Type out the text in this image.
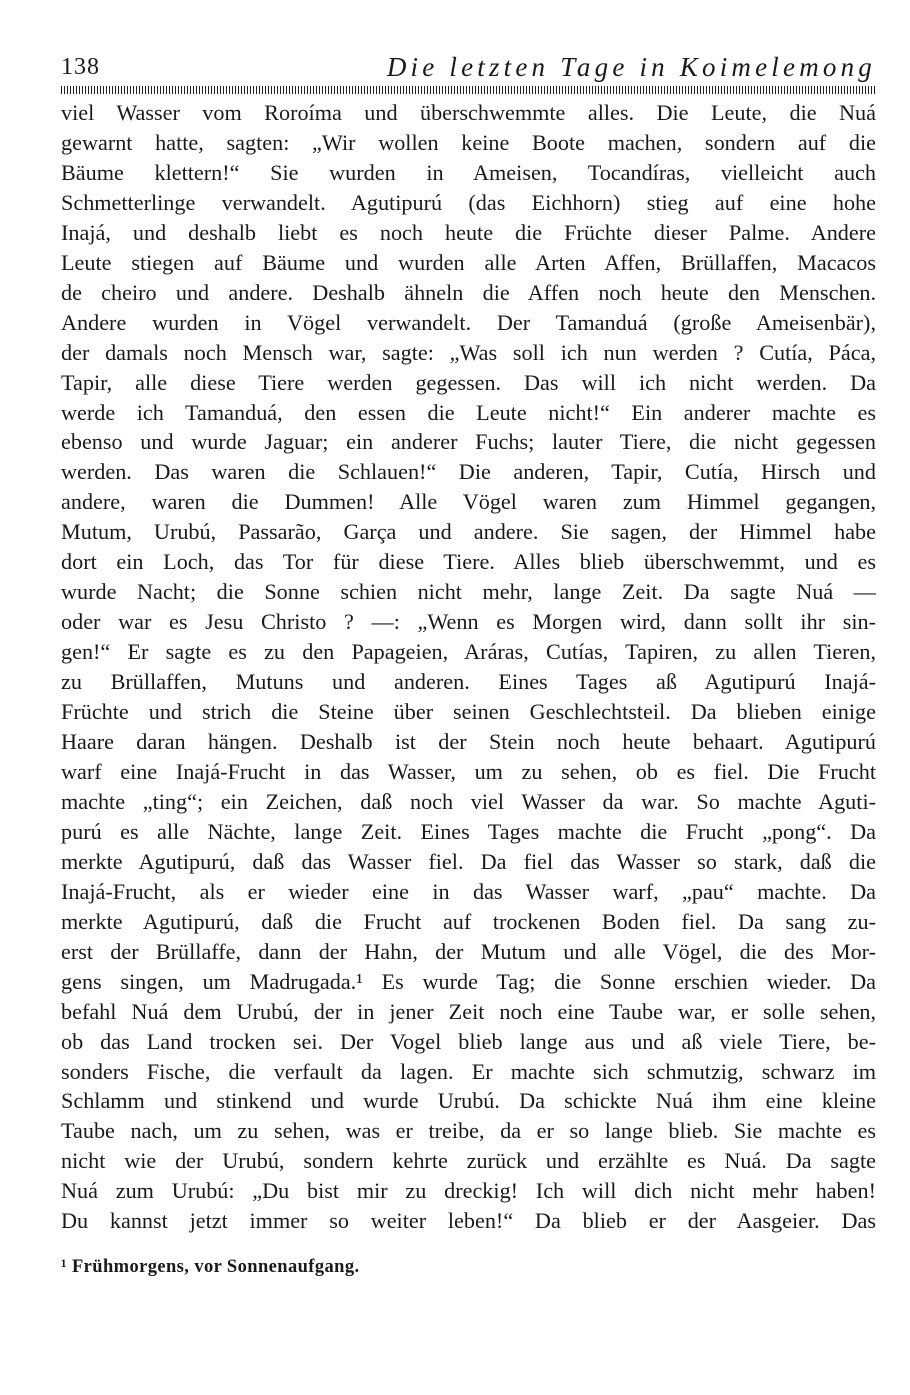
138	Die letzten Tage in Koimelemong
viel Wasser vom Roroíma und überschwemmte alles. Die Leute, die Nuá
gewarnt hatte, sagten: „Wir wollen keine Boote machen, sondern auf die
Bäume klettern!“ Sie wurden in Ameisen, Tocandíras, vielleicht auch
Schmetterlinge verwandelt. Agutipurú (das Eichhorn) stieg auf eine hohe
Inajá, und deshalb liebt es noch heute die Früchte dieser Palme. Andere
Leute stiegen auf Bäume und wurden alle Arten Affen, Brüllaffen, Macacos
de cheiro und andere. Deshalb ähneln die Affen noch heute den Menschen.
Andere wurden in Vögel verwandelt. Der Tamanduá (große Ameisenbär),
der damals noch Mensch war, sagte: „Was soll ich nun werden ? Cutía, Páca,
Tapir, alle diese Tiere werden gegessen. Das will ich nicht werden. Da
werde ich Tamanduá, den essen die Leute nicht!“ Ein anderer machte es
ebenso und wurde Jaguar; ein anderer Fuchs; lauter Tiere, die nicht gegessen
werden. Das waren die Schlauen!“ Die anderen, Tapir, Cutía, Hirsch und
andere, waren die Dummen! Alle Vögel waren zum Himmel gegangen,
Mutum, Urubú, Passarão, Garça und andere. Sie sagen, der Himmel habe
dort ein Loch, das Tor für diese Tiere. Alles blieb überschwemmt, und es
wurde Nacht; die Sonne schien nicht mehr, lange Zeit. Da sagte Nuá —
oder war es Jesu Christo ? —: „Wenn es Morgen wird, dann sollt ihr sin-
gen!“ Er sagte es zu den Papageien, Aráras, Cutías, Tapiren, zu allen Tieren,
zu Brüllaffen, Mutuns und anderen. Eines Tages aß Agutipurú Inajá-
Früchte und strich die Steine über seinen Geschlechtsteil. Da blieben einige
Haare daran hängen. Deshalb ist der Stein noch heute behaart. Agutipurú
warf eine Inajá-Frucht in das Wasser, um zu sehen, ob es fiel. Die Frucht
machte „ting“; ein Zeichen, daß noch viel Wasser da war. So machte Aguti-
purú es alle Nächte, lange Zeit. Eines Tages machte die Frucht „pong“. Da
merkte Agutipurú, daß das Wasser fiel. Da fiel das Wasser so stark, daß die
Inajá-Frucht, als er wieder eine in das Wasser warf, „pau“ machte. Da
merkte Agutipurú, daß die Frucht auf trockenen Boden fiel. Da sang zu-
erst der Brüllaffe, dann der Hahn, der Mutum und alle Vögel, die des Mor-
gens singen, um Madrugada.¹ Es wurde Tag; die Sonne erschien wieder. Da
befahl Nuá dem Urubú, der in jener Zeit noch eine Taube war, er solle sehen,
ob das Land trocken sei. Der Vogel blieb lange aus und aß viele Tiere, be-
sonders Fische, die verfault da lagen. Er machte sich schmutzig, schwarz im
Schlamm und stinkend und wurde Urubú. Da schickte Nuá ihm eine kleine
Taube nach, um zu sehen, was er treibe, da er so lange blieb. Sie machte es
nicht wie der Urubú, sondern kehrte zurück und erzählte es Nuá. Da sagte
Nuá zum Urubú: „Du bist mir zu dreckig! Ich will dich nicht mehr haben!
Du kannst jetzt immer so weiter leben!“ Da blieb er der Aasgeier. Das
¹ Frühmorgens, vor Sonnenaufgang.
